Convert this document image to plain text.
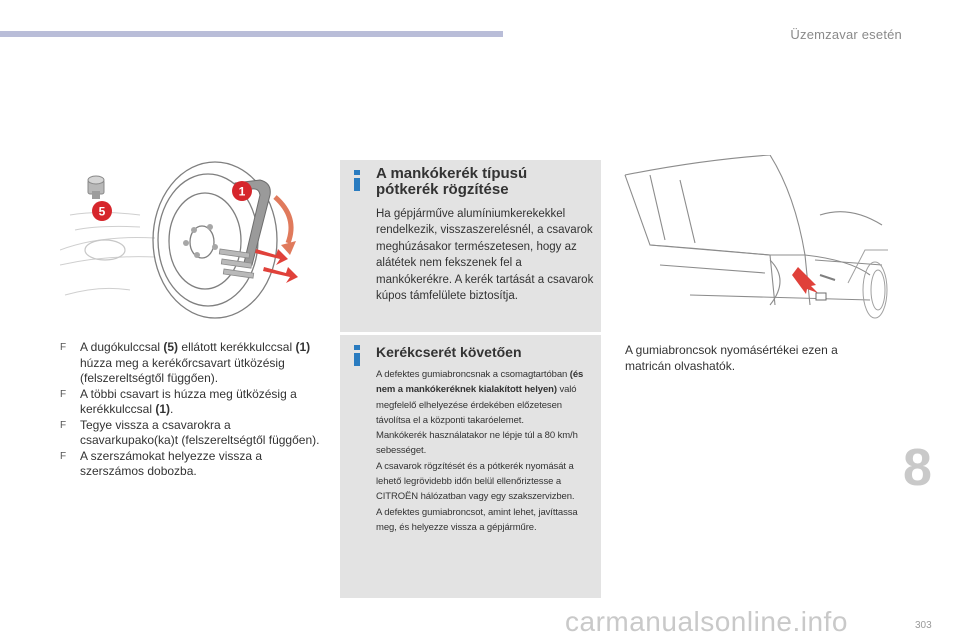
Üzemzavar esetén
1
5
F A dugókulccsal (5) ellátott kerékkulccsal (1) húzza meg a kerékőrcsavart ütközésig (felszereltségtől függően).
F A többi csavart is húzza meg ütközésig a kerékkulccsal (1).
F Tegye vissza a csavarokra a csavarkupako(ka)t (felszereltségtől függően).
F A szerszámokat helyezze vissza a szerszámos dobozba.
A mankókerék típusú pótkerék rögzítése
Ha gépjárműve alumíniumkerekekkel rendelkezik, visszaszerelésnél, a csavarok meghúzásakor természetesen, hogy az alátétek nem fekszenek fel a mankókerékre. A kerék tartását a csavarok kúpos támfelülete biztosítja.
Kerékcserét követően
A defektes gumiabroncsnak a csomagtartóban (és nem a mankókeréknek kialakított helyen) való megfelelő elhelyezése érdekében előzetesen távolítsa el a központi takaróelemet.
Mankókerék használatakor ne lépje túl a 80 km/h sebességet.
A csavarok rögzítését és a pótkerék nyomását a lehető legrövidebb időn belül ellenőriztesse a CITROËN hálózatban vagy egy szakszervizben.
A defektes gumiabroncsot, amint lehet, javíttassa meg, és helyezze vissza a gépjárműre.
A gumiabroncsok nyomásértékei ezen a matricán olvashatók.
8
carmanualsonline.info	303
